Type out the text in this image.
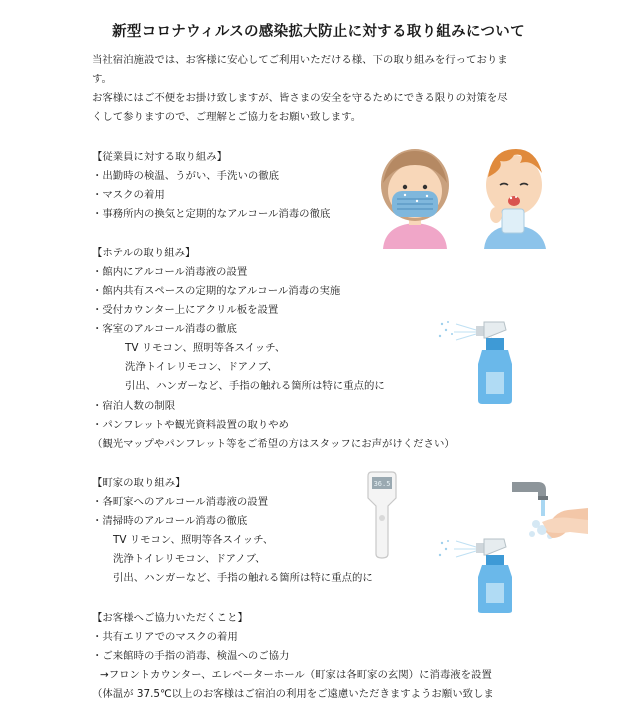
新型コロナウィルスの感染拡大防止に対する取り組みについて
当社宿泊施設では、お客様に安心してご利用いただける様、下の取り組みを行っておりま
す。
お客様にはご不便をお掛け致しますが、皆さまの安全を守るためにできる限りの対策を尽
くして参りますので、ご理解とご協力をお願い致します。
【従業員に対する取り組み】
・出勤時の検温、うがい、手洗いの徹底
・マスクの着用
・事務所内の換気と定期的なアルコール消毒の徹底
【ホテルの取り組み】
・館内にアルコール消毒液の設置
・館内共有スペースの定期的なアルコール消毒の実施
・受付カウンター上にアクリル板を設置
・客室のアルコール消毒の徹底
TV リモコン、照明等各スイッチ、
洗浄トイレリモコン、ドアノブ、
引出、ハンガーなど、手指の触れる箇所は特に重点的に
・宿泊人数の制限
・パンフレットや観光資料設置の取りやめ
（観光マップやパンフレット等をご希望の方はスタッフにお声がけください）
【町家の取り組み】
・各町家へのアルコール消毒液の設置
・清掃時のアルコール消毒の徹底
TV リモコン、照明等各スイッチ、
洗浄トイレリモコン、ドアノブ、
引出、ハンガーなど、手指の触れる箇所は特に重点的に
【お客様へご協力いただくこと】
・共有エリアでのマスクの着用
・ご来館時の手指の消毒、検温へのご協力
→フロントカウンター、エレベーターホール（町家は各町家の玄関）に消毒液を設置
（体温が 37.5℃以上のお客様はご宿泊の利用をご遠慮いただきますようお願い致しま
36.5
